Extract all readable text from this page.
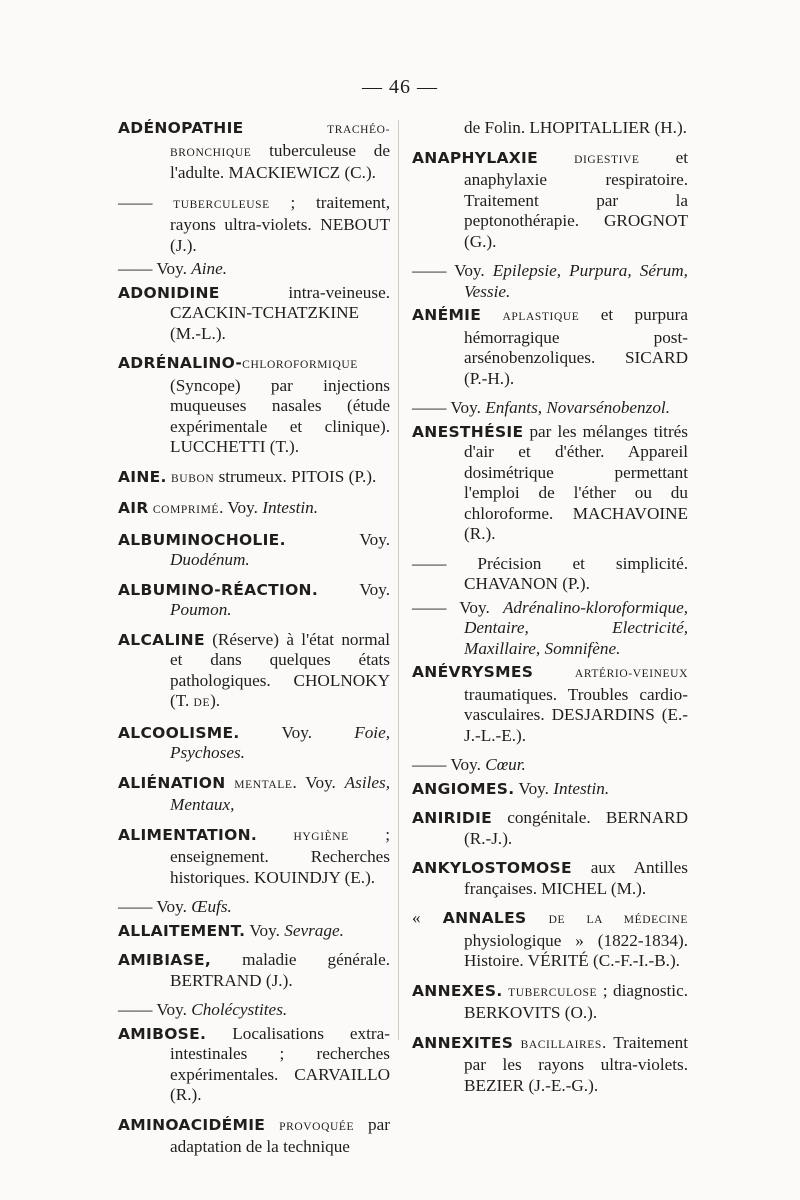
— 46 —
ADÉNOPATHIE TRACHÉO-BRONCHIQUE tuberculeuse de l'adulte. MACKIEWICZ (C.).
—— TUBERCULEUSE ; traitement, rayons ultra-violets. NEBOUT (J.).
—— Voy. Aine.
ADONIDINE intra-veineuse. CZACKIN-TCHATZKINE (M.-L.).
ADRÉNALINO-CHLOROFORMIQUE (Syncope) par injections muqueuses nasales (étude expérimentale et clinique). LUCCHETTI (T.).
AINE. BUBON strumeux. PITOIS (P.).
AIR COMPRIMÉ. Voy. Intestin.
ALBUMINOCHOLIE. Voy. Duodénum.
ALBUMINO-RÉACTION. Voy. Poumon.
ALCALINE (Réserve) à l'état normal et dans quelques états pathologiques. CHOLNOKY (T. DE).
ALCOOLISME. Voy. Foie, Psychoses.
ALIÉNATION MENTALE. Voy. Asiles, Mentaux,
ALIMENTATION.	HYGIÈNE ; enseignement. Recherches historiques. KOUINDJY (E.).
—— Voy. Œufs.
ALLAITEMENT. Voy. Sevrage.
AMIBIASE, maladie générale. BERTRAND (J.).
—— Voy. Cholécystites.
AMIBOSE. Localisations extra-intestinales ; recherches expérimentales. CARVAILLO (R.).
AMINOACIDÉMIE PROVOQUÉE par adaptation de la technique
de Folin. LHOPITALLIER (H.).
ANAPHYLAXIE	DIGESTIVE et anaphylaxie respiratoire. Traitement par la peptonothérapie. GROGNOT (G.).
—— Voy. Epilepsie, Purpura, Sérum, Vessie.
ANÉMIE APLASTIQUE et purpura hémorragique post-arsénobenzoliques. SICARD (P.-H.).
—— Voy. Enfants, Novarsénobenzol.
ANESTHÉSIE par les mélanges titrés d'air et d'éther. Appareil dosimétrique permettant l'emploi de l'éther ou du chloroforme. MACHAVOINE (R.).
—— Précision et simplicité. CHAVANON (P.).
—— Voy. Adrénalino-kloroformique, Dentaire, Electricité, Maxillaire, Somnifène.
ANÉVRYSMES	ARTÉRIO-VEINEUX traumatiques. Troubles cardio-vasculaires. DESJARDINS (E.-J.-L.-E.).
—— Voy. Cœur.
ANGIOMES. Voy. Intestin.
ANIRIDIE congénitale. BERNARD (R.-J.).
ANKYLOSTOMOSE aux Antilles françaises. MICHEL (M.).
« ANNALES DE LA MÉDECINE physiologique » (1822-1834). Histoire. VÉRITÉ (C.-F.-I.-B.).
ANNEXES. TUBERCULOSE ; diagnostic. BERKOVITS (O.).
ANNEXITES BACILLAIRES. Traitement par les rayons ultra-violets. BEZIER (J.-E.-G.).
